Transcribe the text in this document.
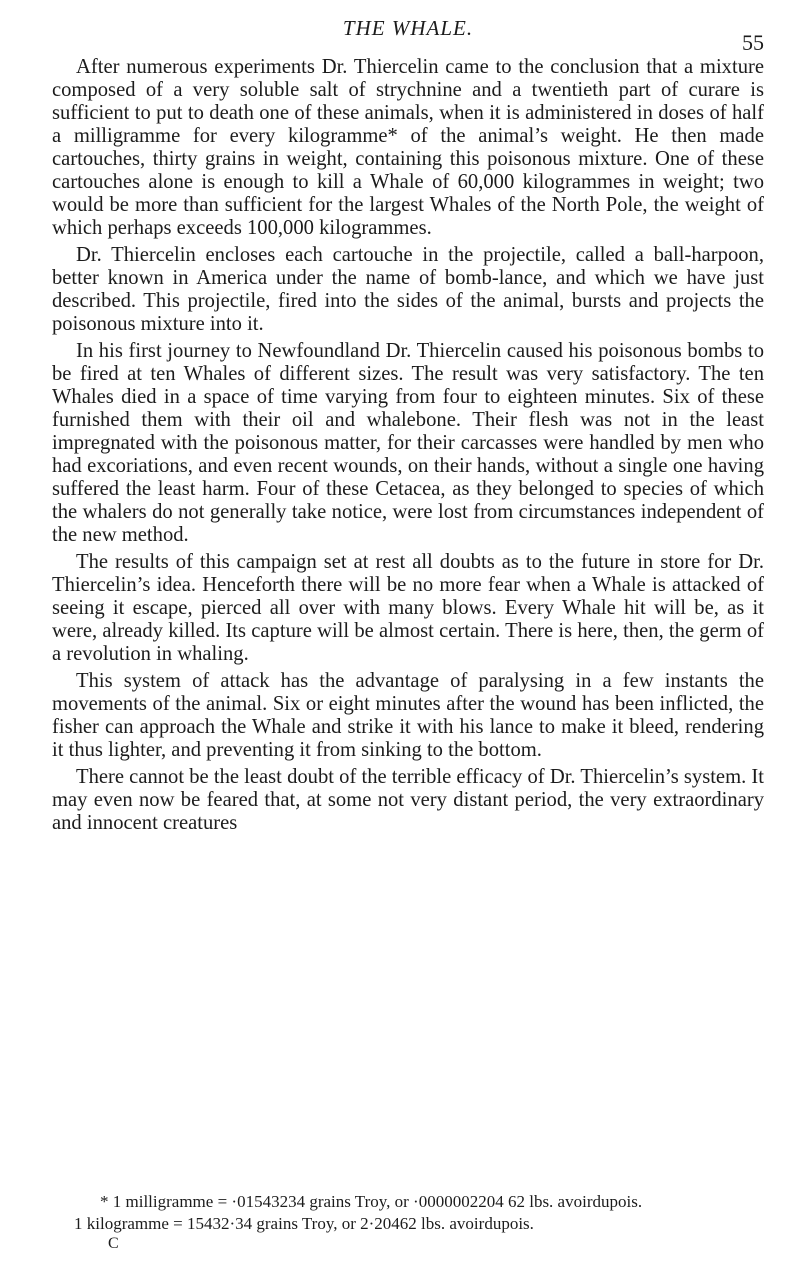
THE WHALE.
55

After numerous experiments Dr. Thiercelin came to the conclusion that a mixture composed of a very soluble salt of strychnine and a twentieth part of curare is sufficient to put to death one of these animals, when it is administered in doses of half a milligramme for every kilogramme* of the animal’s weight. He then made cartouches, thirty grains in weight, containing this poisonous mixture. One of these cartouches alone is enough to kill a Whale of 60,000 kilogrammes in weight; two would be more than sufficient for the largest Whales of the North Pole, the weight of which perhaps exceeds 100,000 kilogrammes.

Dr. Thiercelin encloses each cartouche in the projectile, called a ball-harpoon, better known in America under the name of bomb-lance, and which we have just described. This projectile, fired into the sides of the animal, bursts and projects the poisonous mixture into it.

In his first journey to Newfoundland Dr. Thiercelin caused his poisonous bombs to be fired at ten Whales of different sizes. The result was very satisfactory. The ten Whales died in a space of time varying from four to eighteen minutes. Six of these furnished them with their oil and whalebone. Their flesh was not in the least impregnated with the poisonous matter, for their carcasses were handled by men who had excoriations, and even recent wounds, on their hands, without a single one having suffered the least harm. Four of these Cetacea, as they belonged to species of which the whalers do not generally take notice, were lost from circumstances independent of the new method.

The results of this campaign set at rest all doubts as to the future in store for Dr. Thiercelin’s idea. Henceforth there will be no more fear when a Whale is attacked of seeing it escape, pierced all over with many blows. Every Whale hit will be, as it were, already killed. Its capture will be almost certain. There is here, then, the germ of a revolution in whaling.

This system of attack has the advantage of paralysing in a few instants the movements of the animal. Six or eight minutes after the wound has been inflicted, the fisher can approach the Whale and strike it with his lance to make it bleed, rendering it thus lighter, and preventing it from sinking to the bottom.

There cannot be the least doubt of the terrible efficacy of Dr. Thiercelin’s system. It may even now be feared that, at some not very distant period, the very extraordinary and innocent creatures

* 1 milligramme = ·01543234 grains Troy, or ·0000002204 62 lbs. avoirdupois.

1 kilogramme = 15432·34 grains Troy, or 2·20462 lbs. avoirdupois.

C
